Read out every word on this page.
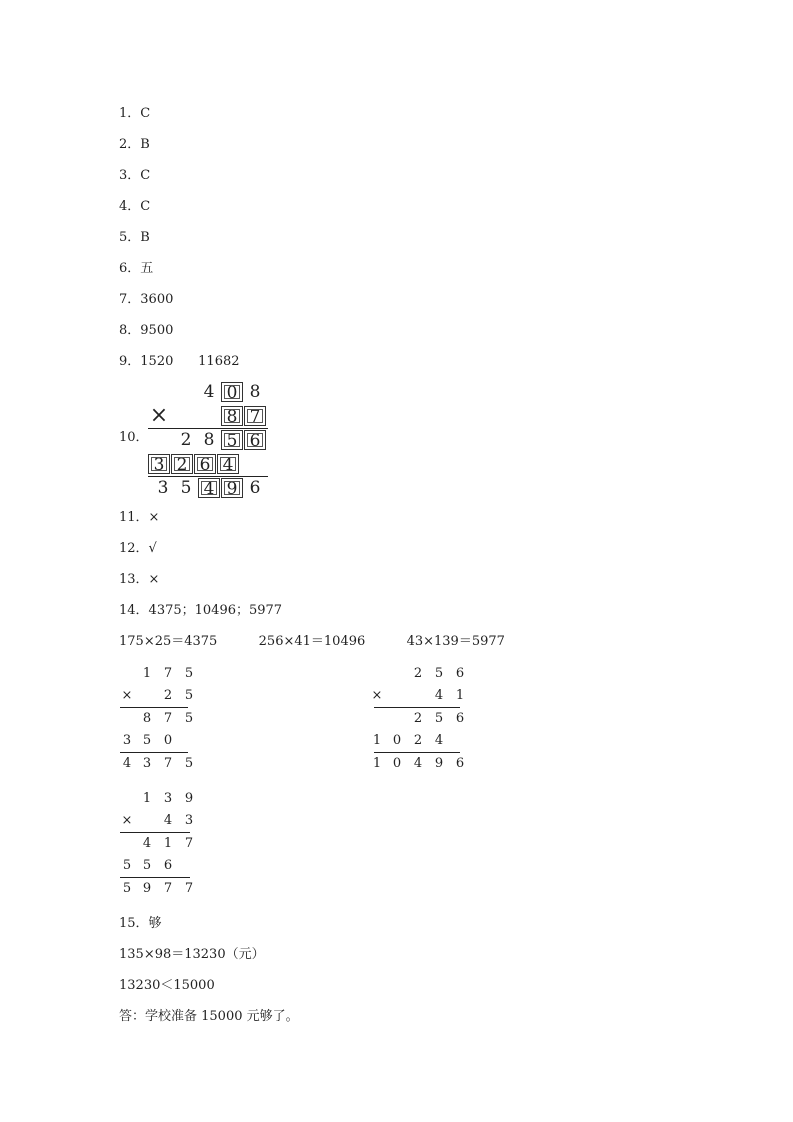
1．C
2．B
3．C
4．C
5．B
6．五
7．3600
8．9500
9．1520      11682
10．
4 0 8
×	8 7
2 8 5 6
3 2 6 4
3 5 4 9 6
11．×
12．√
13．×
14．4375；10496；5977
175×25＝4375          256×41＝10496          43×139＝5977
1 7 5
×	2 5
8 7 5
3 5 0
4 3 7 5
2 5 6
×	4 1
2 5 6
1 0 2 4
1 0 4 9 6
1 3 9
×	4 3
4 1 7
5 5 6
5 9 7 7
15．够
135×98＝13230（元）
13230＜15000
答：学校准备 15000 元够了。
